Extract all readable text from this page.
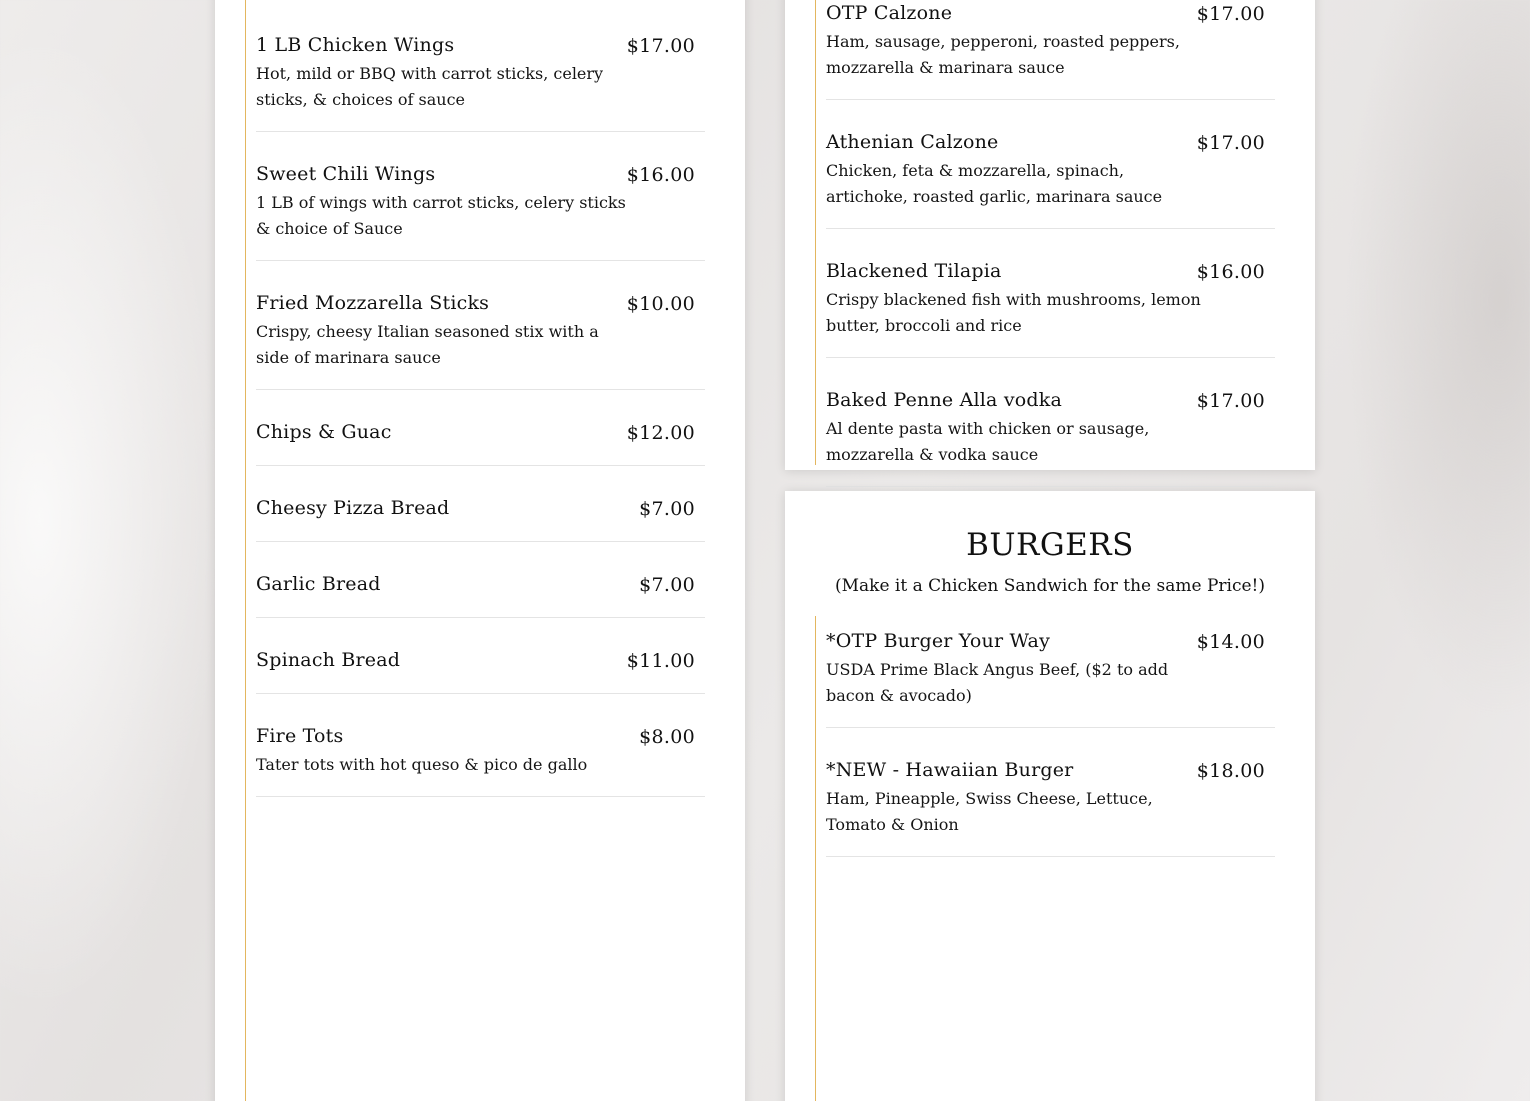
1 LB Chicken Wings	$17.00
Hot, mild or BBQ with carrot sticks, celery sticks, & choices of sauce
Sweet Chili Wings	$16.00
1 LB of wings with carrot sticks, celery sticks & choice of Sauce
Fried Mozzarella Sticks	$10.00
Crispy, cheesy Italian seasoned stix with a side of marinara sauce
Chips & Guac	$12.00
Cheesy Pizza Bread	$7.00
Garlic Bread	$7.00
Spinach Bread	$11.00
Fire Tots	$8.00
Tater tots with hot queso & pico de gallo
OTP Calzone	$17.00
Ham, sausage, pepperoni, roasted peppers, mozzarella & marinara sauce
Athenian Calzone	$17.00
Chicken, feta & mozzarella, spinach, artichoke, roasted garlic, marinara sauce
Blackened Tilapia	$16.00
Crispy blackened fish with mushrooms, lemon butter, broccoli and rice
Baked Penne Alla vodka	$17.00
Al dente pasta with chicken or sausage, mozzarella & vodka sauce
BURGERS
(Make it a Chicken Sandwich for the same Price!)
*OTP Burger Your Way	$14.00
USDA Prime Black Angus Beef, ($2 to add bacon & avocado)
*NEW - Hawaiian Burger	$18.00
Ham, Pineapple, Swiss Cheese, Lettuce, Tomato & Onion
